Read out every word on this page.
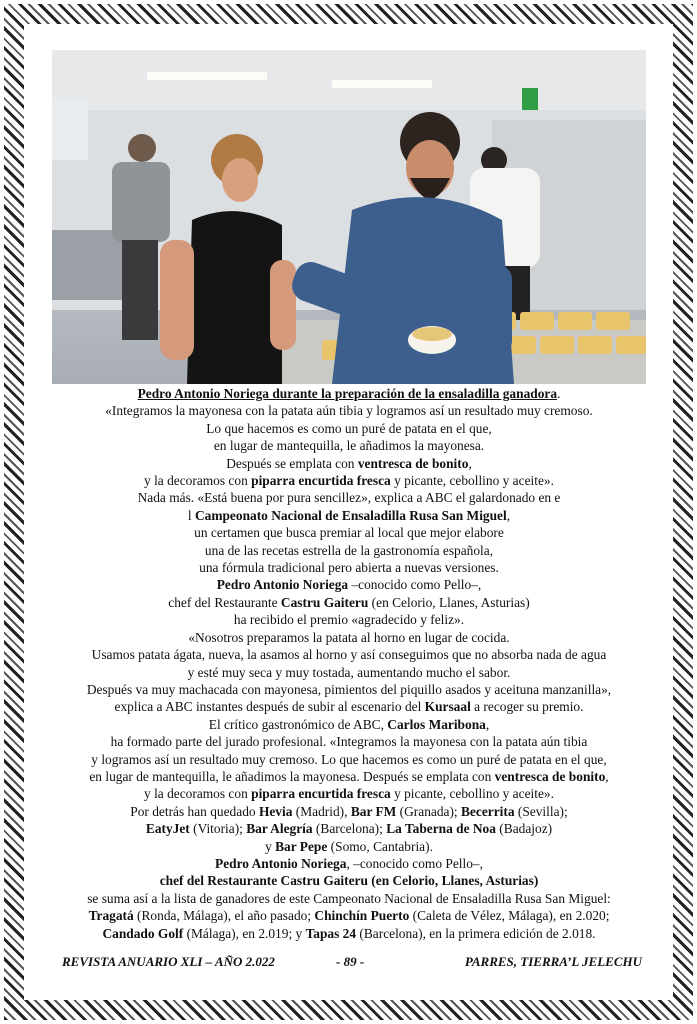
Pedro Antonio Noriega durante la preparación de la ensaladilla ganadora.

«Integramos la mayonesa con la patata aún tibia y logramos así un resultado muy cremoso.

Lo que hacemos es como un puré de patata en el que,

en lugar de mantequilla, le añadimos la mayonesa.

Después se emplata con ventresca de bonito,

y la decoramos con piparra encurtida fresca y picante, cebollino y aceite».

Nada más. «Está buena por pura sencillez», explica a ABC el galardonado en e

l Campeonato Nacional de Ensaladilla Rusa San Miguel,

un certamen que busca premiar al local que mejor elabore

una de las recetas estrella de la gastronomía española,

una fórmula tradicional pero abierta a nuevas versiones.

Pedro Antonio Noriega –conocido como Pello–,

chef del Restaurante Castru Gaiteru (en Celorio, Llanes, Asturias)

ha recibido el premio «agradecido y feliz».

«Nosotros preparamos la patata al horno en lugar de cocida.

Usamos patata ágata, nueva, la asamos al horno y así conseguimos que no absorba nada de agua

y esté muy seca y muy tostada, aumentando mucho el sabor.

Después va muy machacada con mayonesa, pimientos del piquillo asados y aceituna manzanilla»,

explica a ABC instantes después de subir al escenario del Kursaal a recoger su premio.

El crítico gastronómico de ABC, Carlos Maribona,

ha formado parte del jurado profesional. «Integramos la mayonesa con la patata aún tibia

y logramos así un resultado muy cremoso. Lo que hacemos es como un puré de patata en el que,

en lugar de mantequilla, le añadimos la mayonesa. Después se emplata con ventresca de bonito,

y la decoramos con piparra encurtida fresca y picante, cebollino y aceite».

Por detrás han quedado Hevia (Madrid), Bar FM (Granada); Becerrita (Sevilla);

EatyJet (Vitoria); Bar Alegría (Barcelona); La Taberna de Noa (Badajoz)

y Bar Pepe (Somo, Cantabria).

Pedro Antonio Noriega, –conocido como Pello–,

chef del Restaurante Castru Gaiteru (en Celorio, Llanes, Asturias)

se suma así a la lista de ganadores de este Campeonato Nacional de Ensaladilla Rusa San Miguel:

Tragatá (Ronda, Málaga), el año pasado; Chinchín Puerto (Caleta de Vélez, Málaga), en 2.020;

Candado Golf (Málaga), en 2.019; y Tapas 24 (Barcelona), en la primera edición de 2.018.

REVISTA ANUARIO XLI – AÑO 2.022	- 89 -	PARRES, TIERRA’L JELECHU
